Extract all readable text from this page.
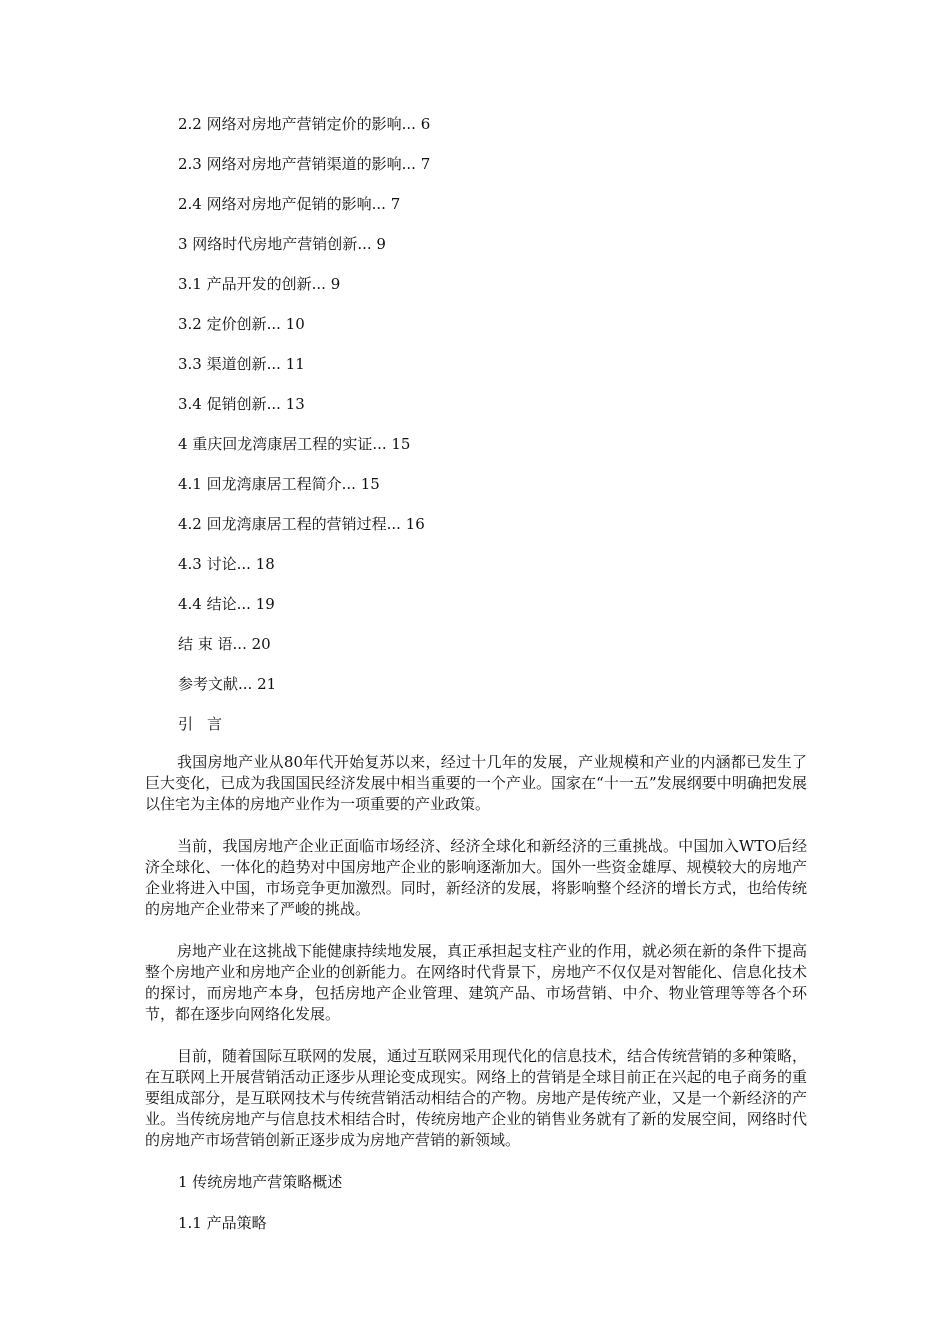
2.2 网络对房地产营销定价的影响... 6
2.3 网络对房地产营销渠道的影响... 7
2.4 网络对房地产促销的影响... 7
3 网络时代房地产营销创新... 9
3.1 产品开发的创新... 9
3.2 定价创新... 10
3.3 渠道创新... 11
3.4 促销创新... 13
4 重庆回龙湾康居工程的实证... 15
4.1 回龙湾康居工程简介... 15
4.2 回龙湾康居工程的营销过程... 16
4.3 讨论... 18
4.4 结论... 19
结 束 语... 20
参考文献... 21
引言

我国房地产业从80年代开始复苏以来，经过十几年的发展，产业规模和产业的内涵都已发生了巨大变化，已成为我国国民经济发展中相当重要的一个产业。国家在“十一五”发展纲要中明确把发展以住宅为主体的房地产业作为一项重要的产业政策。

当前，我国房地产企业正面临市场经济、经济全球化和新经济的三重挑战。中国加入WTO后经济全球化、一体化的趋势对中国房地产企业的影响逐渐加大。国外一些资金雄厚、规模较大的房地产企业将进入中国，市场竞争更加激烈。同时，新经济的发展，将影响整个经济的增长方式，也给传统的房地产企业带来了严峻的挑战。

房地产业在这挑战下能健康持续地发展，真正承担起支柱产业的作用，就必须在新的条件下提高整个房地产业和房地产企业的创新能力。在网络时代背景下，房地产不仅仅是对智能化、信息化技术的探讨，而房地产本身，包括房地产企业管理、建筑产品、市场营销、中介、物业管理等等各个环节，都在逐步向网络化发展。

目前，随着国际互联网的发展，通过互联网采用现代化的信息技术，结合传统营销的多种策略，在互联网上开展营销活动正逐步从理论变成现实。网络上的营销是全球目前正在兴起的电子商务的重要组成部分，是互联网技术与传统营销活动相结合的产物。房地产是传统产业，又是一个新经济的产业。当传统房地产与信息技术相结合时，传统房地产企业的销售业务就有了新的发展空间，网络时代的房地产市场营销创新正逐步成为房地产营销的新领域。

1 传统房地产营策略概述
1.1 产品策略
